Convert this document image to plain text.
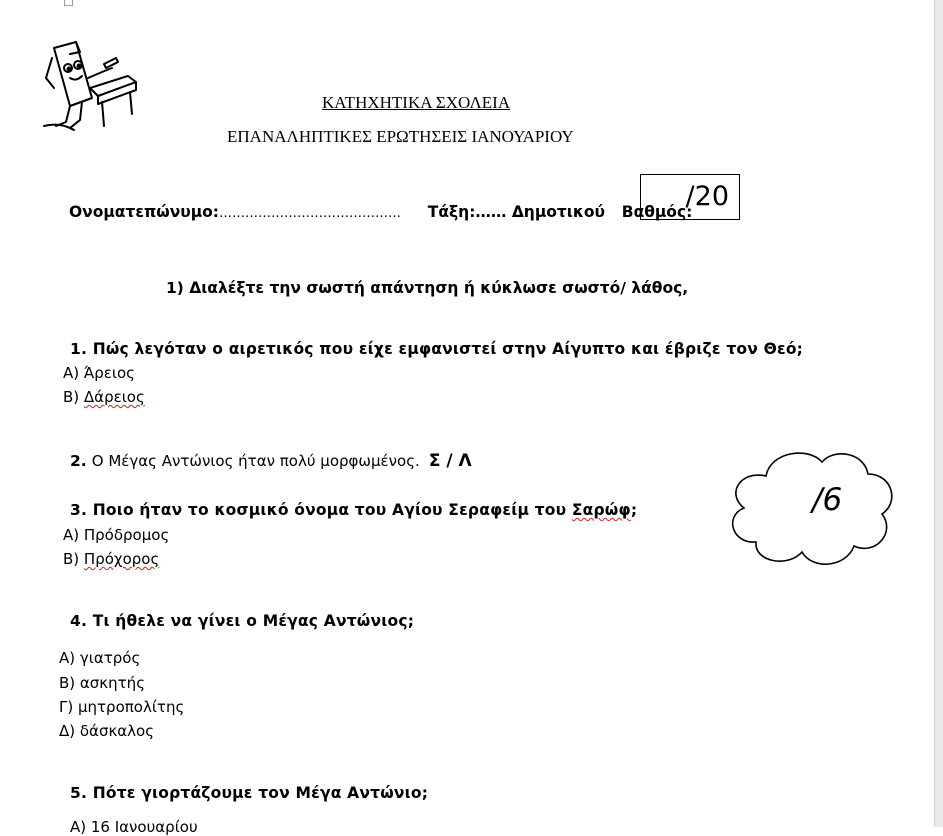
ΚΑΤΗΧΗΤΙΚΑ ΣΧΟΛΕΙΑ
ΕΠΑΝΑΛΗΠΤΙΚΕΣ ΕΡΩΤΗΣΕΙΣ ΙΑΝΟΥΑΡΙΟΥ
Ονοματεπώνυμο:…………………………………… Τάξη:…… Δημοτικού Βαθμός:
/20
1) Διαλέξτε την σωστή απάντηση ή κύκλωσε σωστό/ λάθος,
1. Πώς λεγόταν ο αιρετικός που είχε εμφανιστεί στην Αίγυπτο και έβριζε τον Θεό;
Α) Άρειος
Β) Δάρειος
2. Ο Μέγας Αντώνιος ήταν πολύ μορφωμένος. Σ / Λ
3. Ποιο ήταν το κοσμικό όνομα του Αγίου Σεραφείμ του Σαρώφ;
Α) Πρόδρομος
Β) Πρόχορος
/6
4. Τι ήθελε να γίνει ο Μέγας Αντώνιος;
Α) γιατρός
Β) ασκητής
Γ) μητροπολίτης
Δ) δάσκαλος
5. Πότε γιορτάζουμε τον Μέγα Αντώνιο;
Α) 16 Ιανουαρίου
